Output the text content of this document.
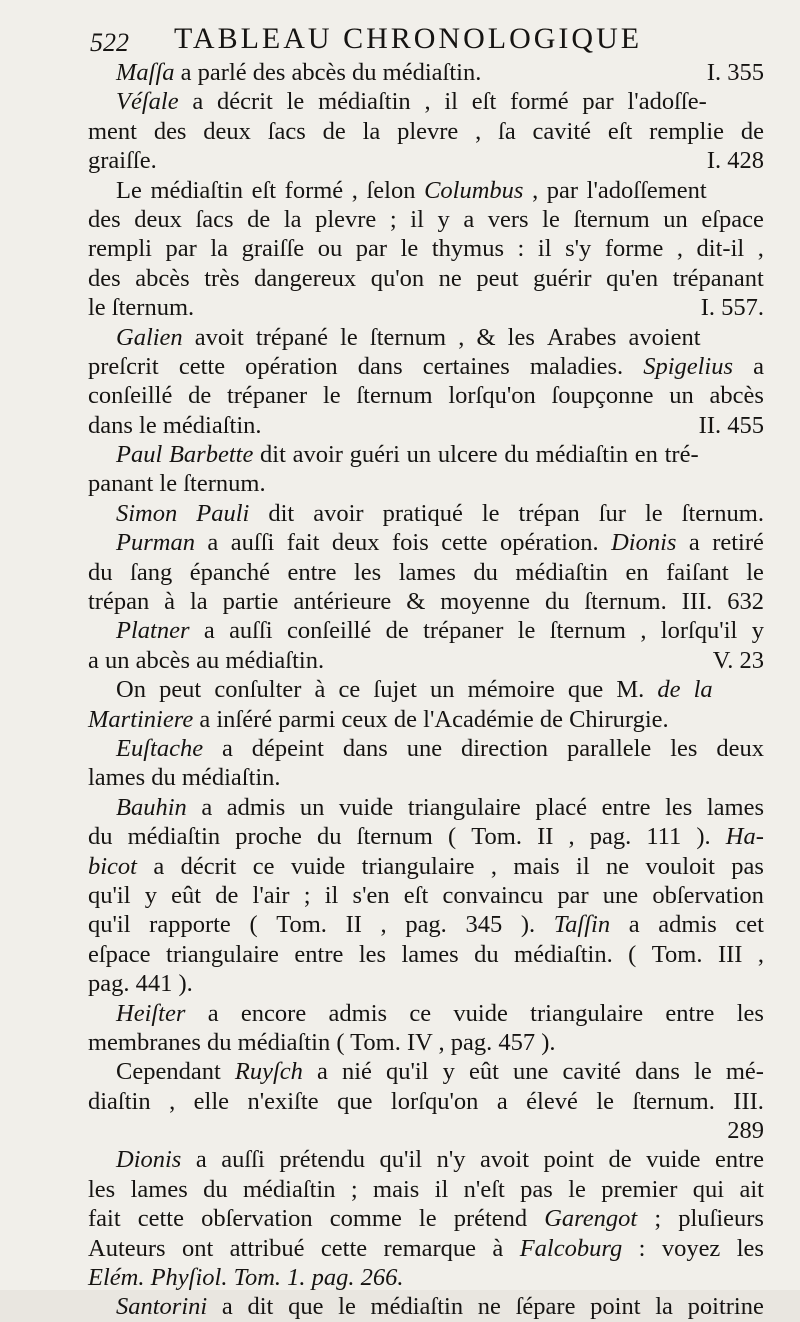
522 TABLEAU CHRONOLOGIQUE
I. 355
Maſſa a parlé des abcès du médiaſtin.
Véſale a décrit le médiaſtin , il eſt formé par l'adoſſe-
ment des deux ſacs de la plevre , ſa cavité eſt remplie de
I. 428
graiſſe.
Le médiaſtin eſt formé , ſelon Columbus , par l'adoſſement
des deux ſacs de la plevre ; il y a vers le ſternum un eſpace
rempli par la graiſſe ou par le thymus : il s'y forme , dit-il ,
des abcès très dangereux qu'on ne peut guérir qu'en trépanant
I. 557.
le ſternum.
Galien avoit trépané le ſternum , & les Arabes avoient
preſcrit cette opération dans certaines maladies. Spigelius a
conſeillé de trépaner le ſternum lorſqu'on ſoupçonne un abcès
II. 455
dans le médiaſtin.
Paul Barbette dit avoir guéri un ulcere du médiaſtin en tré-
panant le ſternum.
Simon Pauli dit avoir pratiqué le trépan ſur le ſternum.
Purman a auſſi fait deux fois cette opération. Dionis a retiré
du ſang épanché entre les lames du médiaſtin en faiſant le
trépan à la partie antérieure & moyenne du ſternum. III. 632
Platner a auſſi conſeillé de trépaner le ſternum , lorſqu'il y
V. 23
a un abcès au médiaſtin.
On peut conſulter à ce ſujet un mémoire que M. de la
Martiniere a inſéré parmi ceux de l'Académie de Chirurgie.
Euſtache a dépeint dans une direction parallele les deux
lames du médiaſtin.
Bauhin a admis un vuide triangulaire placé entre les lames
du médiaſtin proche du ſternum ( Tom. II , pag. 111 ). Ha-
bicot a décrit ce vuide triangulaire , mais il ne vouloit pas
qu'il y eût de l'air ; il s'en eſt convaincu par une obſervation
qu'il rapporte ( Tom. II , pag. 345 ). Taſſin a admis cet
eſpace triangulaire entre les lames du médiaſtin. ( Tom. III ,
pag. 441 ).
Heiſter a encore admis ce vuide triangulaire entre les
membranes du médiaſtin ( Tom. IV , pag. 457 ).
Cependant Ruyſch a nié qu'il y eût une cavité dans le mé-
diaſtin , elle n'exiſte que lorſqu'on a élevé le ſternum. III.
289
Dionis a auſſi prétendu qu'il n'y avoit point de vuide entre
les lames du médiaſtin ; mais il n'eſt pas le premier qui ait
fait cette obſervation comme le prétend Garengot ; pluſieurs
Auteurs ont attribué cette remarque à Falcoburg : voyez les
Elém. Phyſiol. Tom. 1. pag. 266.
Santorini a dit que le médiaſtin ne ſépare point la poitrine
